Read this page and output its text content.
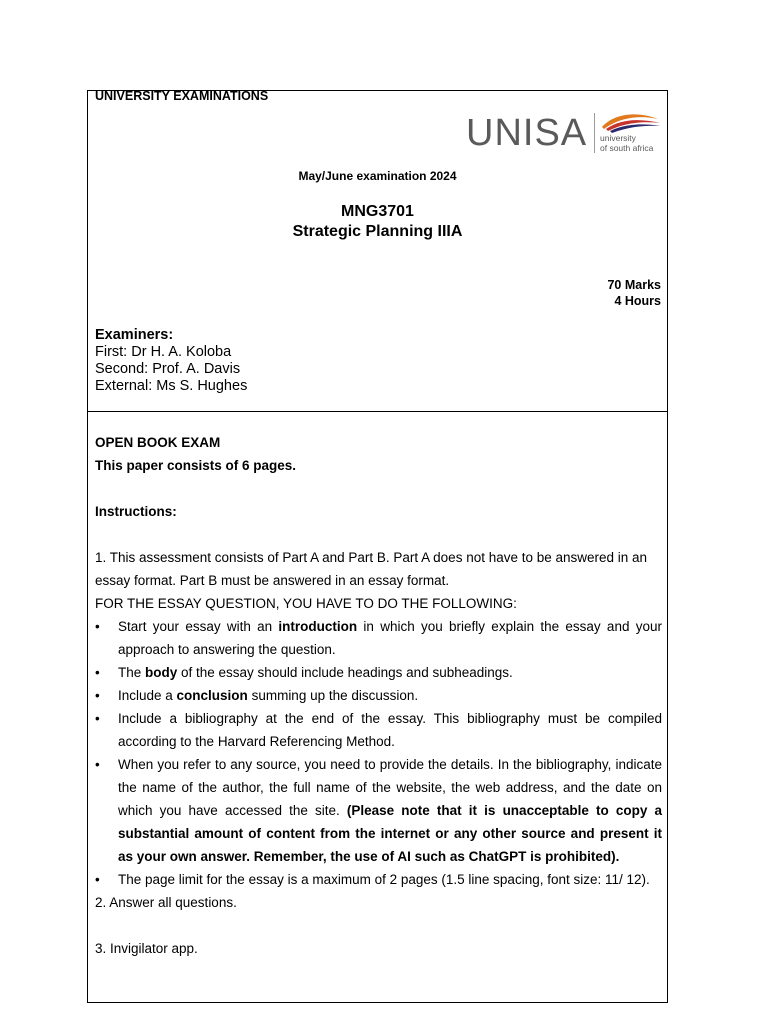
UNIVERSITY EXAMINATIONS
UNISA university
of south africa
May/June examination 2024
MNG3701
Strategic Planning IIIA
70 Marks
4 Hours
Examiners:
First: Dr H. A. Koloba
Second: Prof. A. Davis
External: Ms S. Hughes

OPEN BOOK EXAM

This paper consists of 6 pages.

Instructions:

1. This assessment consists of Part A and Part B. Part A does not have to be answered in an essay format. Part B must be answered in an essay format.

FOR THE ESSAY QUESTION, YOU HAVE TO DO THE FOLLOWING:

• Start your essay with an introduction in which you briefly explain the essay and your approach to answering the question.
• The body of the essay should include headings and subheadings.
• Include a conclusion summing up the discussion.
• Include a bibliography at the end of the essay. This bibliography must be compiled according to the Harvard Referencing Method.
• When you refer to any source, you need to provide the details. In the bibliography, indicate the name of the author, the full name of the website, the web address, and the date on which you have accessed the site. (Please note that it is unacceptable to copy a substantial amount of content from the internet or any other source and present it as your own answer. Remember, the use of AI such as ChatGPT is prohibited).
• The page limit for the essay is a maximum of 2 pages (1.5 line spacing, font size: 11/ 12).

2. Answer all questions.

3. Invigilator app.
